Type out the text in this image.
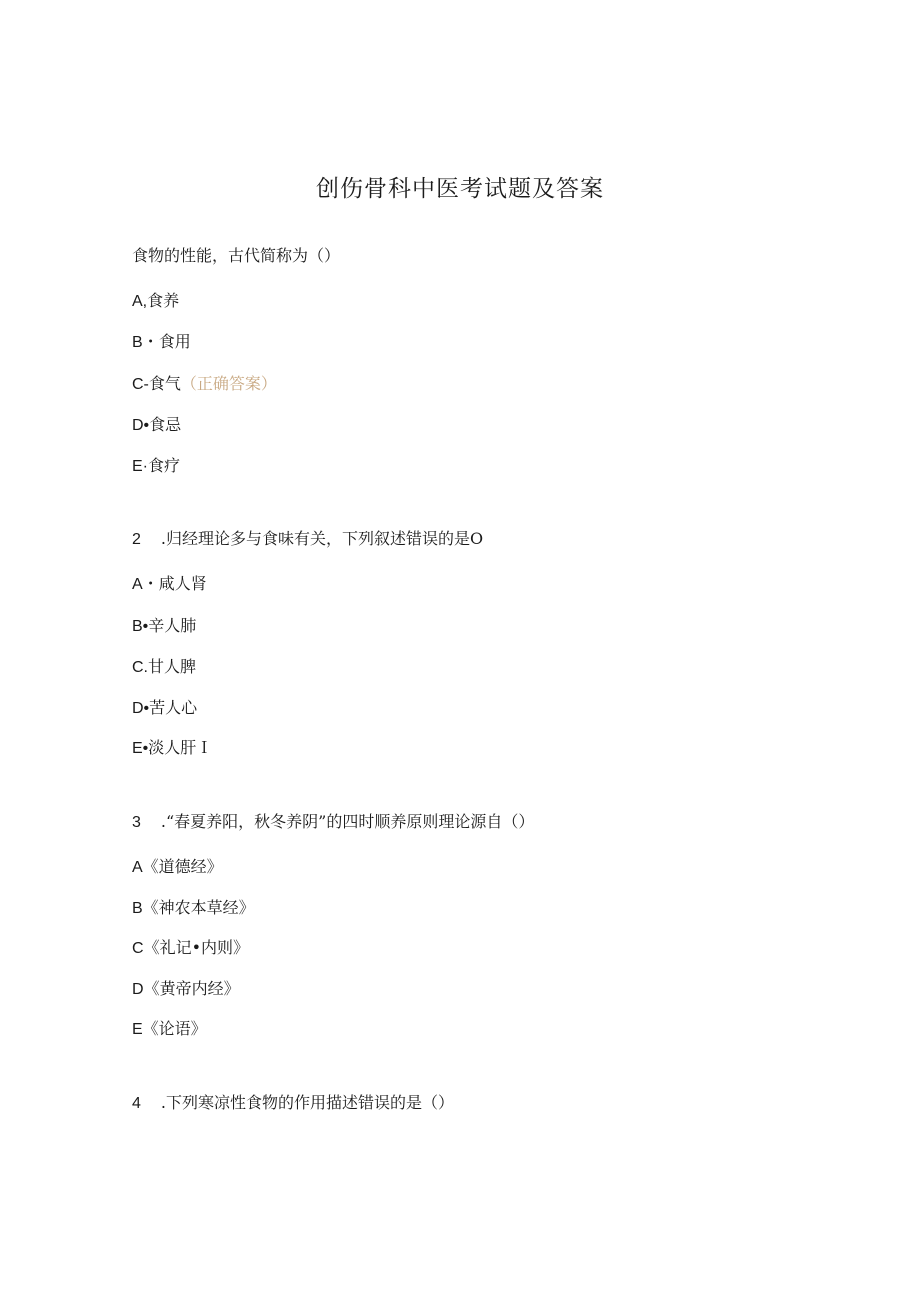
创伤骨科中医考试题及答案
食物的性能，古代简称为（）
A,食养
B・食用
C-食气（正确答案）
D•食忌
E·食疗
2 .归经理论多与食味有关，下列叙述错误的是O
A・咸人肾
B•辛人肺
C.甘人脾
D•苦人心
E•淡人肝Ｉ
3 .“春夏养阳，秋冬养阴”的四时顺养原则理论源自（）
A《道德经》
B《神农本草经》
C《礼记•内则》
D《黄帝内经》
E《论语》
4 .下列寒凉性食物的作用描述错误的是（）
